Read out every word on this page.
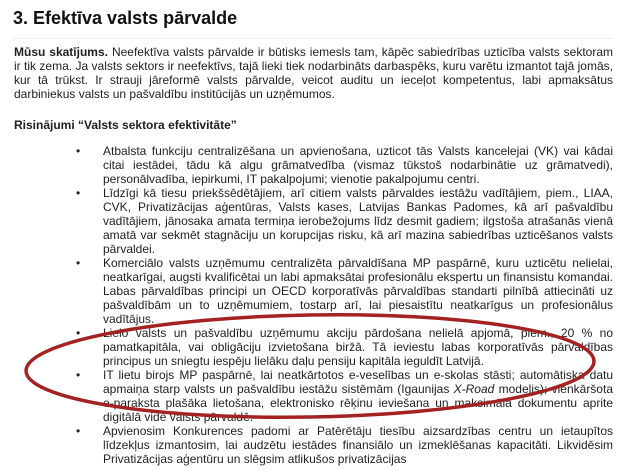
3. Efektīva valsts pārvalde

Mūsu skatījums. Neefektīva valsts pārvalde ir būtisks iemesls tam, kāpēc sabiedrības uzticība valsts sektoram ir tik zema. Ja valsts sektors ir neefektīvs, tajā lieki tiek nodarbināts darbaspēks, kuru varētu izmantot tajā jomās, kur tā trūkst. Ir strauji jāreformē valsts pārvalde, veicot auditu un ieceļot kompetentus, labi apmaksātus darbiniekus valsts un pašvaldību institūcijās un uzņēmumos.

Risinājumi “Valsts sektora efektivitāte”
• Atbalsta funkciju centralizēšana un apvienošana, uzticot tās Valsts kancelejai (VK) vai kādai citai iestādei, tādu kā algu grāmatvedība (vismaz tūkstoš nodarbinātie uz grāmatvedi), personālvadība, iepirkumi, IT pakalpojumi; vienotie pakalpojumu centri.
• Līdzīgi kā tiesu priekšsēdētājiem, arī citiem valsts pārvaldes iestāžu vadītājiem, piem., LIAA, CVK, Privatizācijas aģentūras, Valsts kases, Latvijas Bankas Padomes, kā arī pašvaldību vadītājiem, jānosaka amata termiņa ierobežojums līdz desmit gadiem; ilgstoša atrašanās vienā amatā var sekmēt stagnāciju un korupcijas risku, kā arī mazina sabiedrības uzticēšanos valsts pārvaldei.
• Komerciālo valsts uzņēmumu centralizēta pārvaldīšana MP paspārnē, kuru uzticētu nelielai, neatkarīgai, augsti kvalificētai un labi apmaksātai profesionālu ekspertu un finansistu komandai. Labas pārvaldības principi un OECD korporatīvās pārvaldības standarti pilnībā attiecināti uz pašvaldībām un to uzņēmumiem, tostarp arī, lai piesaistītu neatkarīgus un profesionālus vadītājus.
• Lielo valsts un pašvaldību uzņēmumu akciju pārdošana nelielā apjomā, piem., 20 % no pamatkapitāla, vai obligāciju izvietošana biržā. Tā ieviestu labas korporatīvās pārvaldības principus un sniegtu iespēju lielāku daļu pensiju kapitāla ieguldīt Latvijā.
• IT lietu birojs MP paspārnē, lai neatkārtotos e-veselības un e-skolas stāsti; automātiska datu apmaiņa starp valsts un pašvaldību iestāžu sistēmām (Igaunijas X-Road modelis); vienkāršota e-paraksta plašāka lietošana, elektronisko rēķinu ieviešana un maksimāla dokumentu aprite digitālā vidē valsts pārvaldē.
• Apvienosim Konkurences padomi ar Patērētāju tiesību aizsardzības centru un ietaupītos līdzekļus izmantosim, lai audzētu iestādes finansiālo un izmeklēšanas kapacitāti. Likvidēsim Privatizācijas aģentūru un slēgsim atlikušos privatizācijas
